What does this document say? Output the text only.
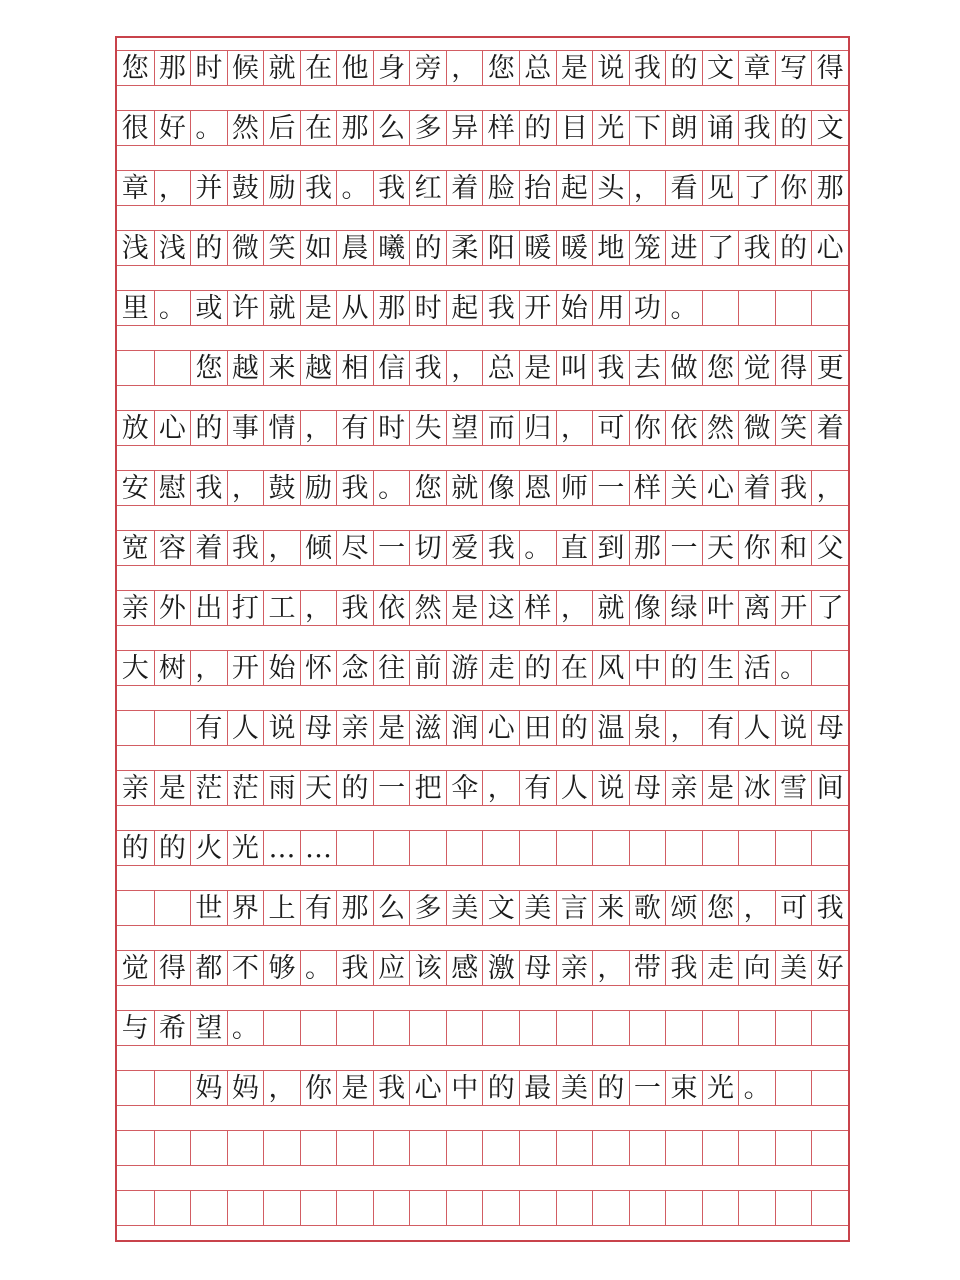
您 那 时 候 就 在 他 身 旁 ， 您 总 是 说 我 的 文 章 写 得
很 好 。 然 后 在 那 么 多 异 样 的 目 光 下 朗 诵 我 的 文
章 ， 并 鼓 励 我 。 我 红 着 脸 抬 起 头 ， 看 见 了 你 那
浅 浅 的 微 笑 如 晨 曦 的 柔 阳 暖 暖 地 笼 进 了 我 的 心
里 。 或 许 就 是 从 那 时 起 我 开 始 用 功 。
您 越 来 越 相 信 我 ， 总 是 叫 我 去 做 您 觉 得 更
放 心 的 事 情 ， 有 时 失 望 而 归 ， 可 你 依 然 微 笑 着
安 慰 我 ， 鼓 励 我 。 您 就 像 恩 师 一 样 关 心 着 我 ，
宽 容 着 我 ， 倾 尽 一 切 爱 我 。 直 到 那 一 天 你 和 父
亲 外 出 打 工 ， 我 依 然 是 这 样 ， 就 像 绿 叶 离 开 了
大 树 ， 开 始 怀 念 往 前 游 走 的 在 风 中 的 生 活 。
有 人 说 母 亲 是 滋 润 心 田 的 温 泉 ， 有 人 说 母
亲 是 茫 茫 雨 天 的 一 把 伞 ， 有 人 说 母 亲 是 冰 雪 间
的 的 火 光 … …
世 界 上 有 那 么 多 美 文 美 言 来 歌 颂 您 ， 可 我
觉 得 都 不 够 。 我 应 该 感 激 母 亲 ， 带 我 走 向 美 好
与 希 望 。
妈 妈 ， 你 是 我 心 中 的 最 美 的 一 束 光 。
